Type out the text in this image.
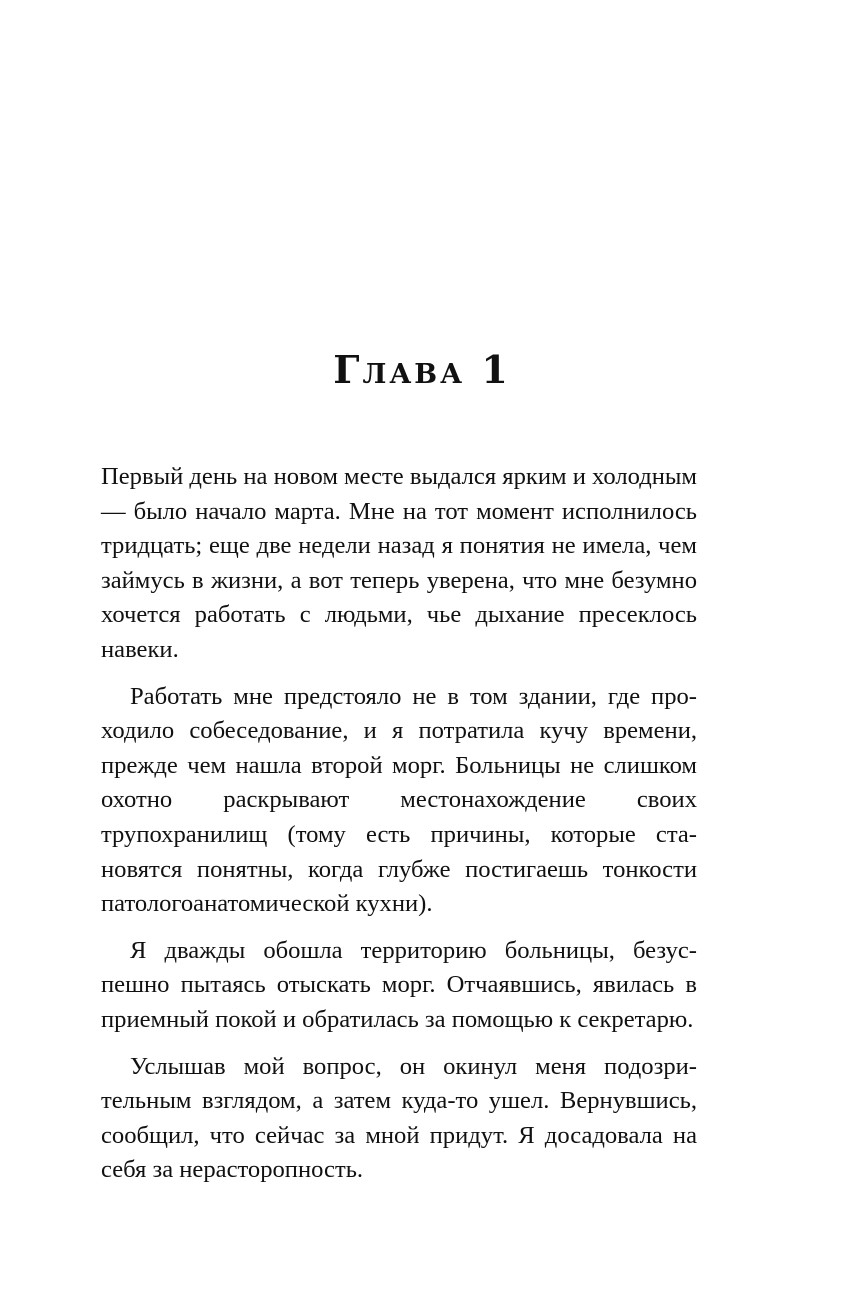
Глава 1

Первый день на новом месте выдался ярким и холодным — было начало марта. Мне на тот момент исполнилось тридцать; еще две недели назад я понятия не имела, чем займусь в жизни, а вот теперь уверена, что мне безумно хочется работать с людьми, чье дыхание пресеклось навеки.

Работать мне предстояло не в том здании, где проходило собеседование, и я потратила кучу времени, прежде чем нашла второй морг. Больницы не слишком охотно раскрывают местонахождение своих трупохранилищ (тому есть причины, которые становятся понятны, когда глубже постигаешь тонкости патологоанатомической кухни).

Я дважды обошла территорию больницы, безуспешно пытаясь отыскать морг. Отчаявшись, явилась в приемный покой и обратилась за помощью к секретарю.

Услышав мой вопрос, он окинул меня подозрительным взглядом, а затем куда-то ушел. Вернувшись, сообщил, что сейчас за мной придут. Я досадовала на себя за нерасторопность.
